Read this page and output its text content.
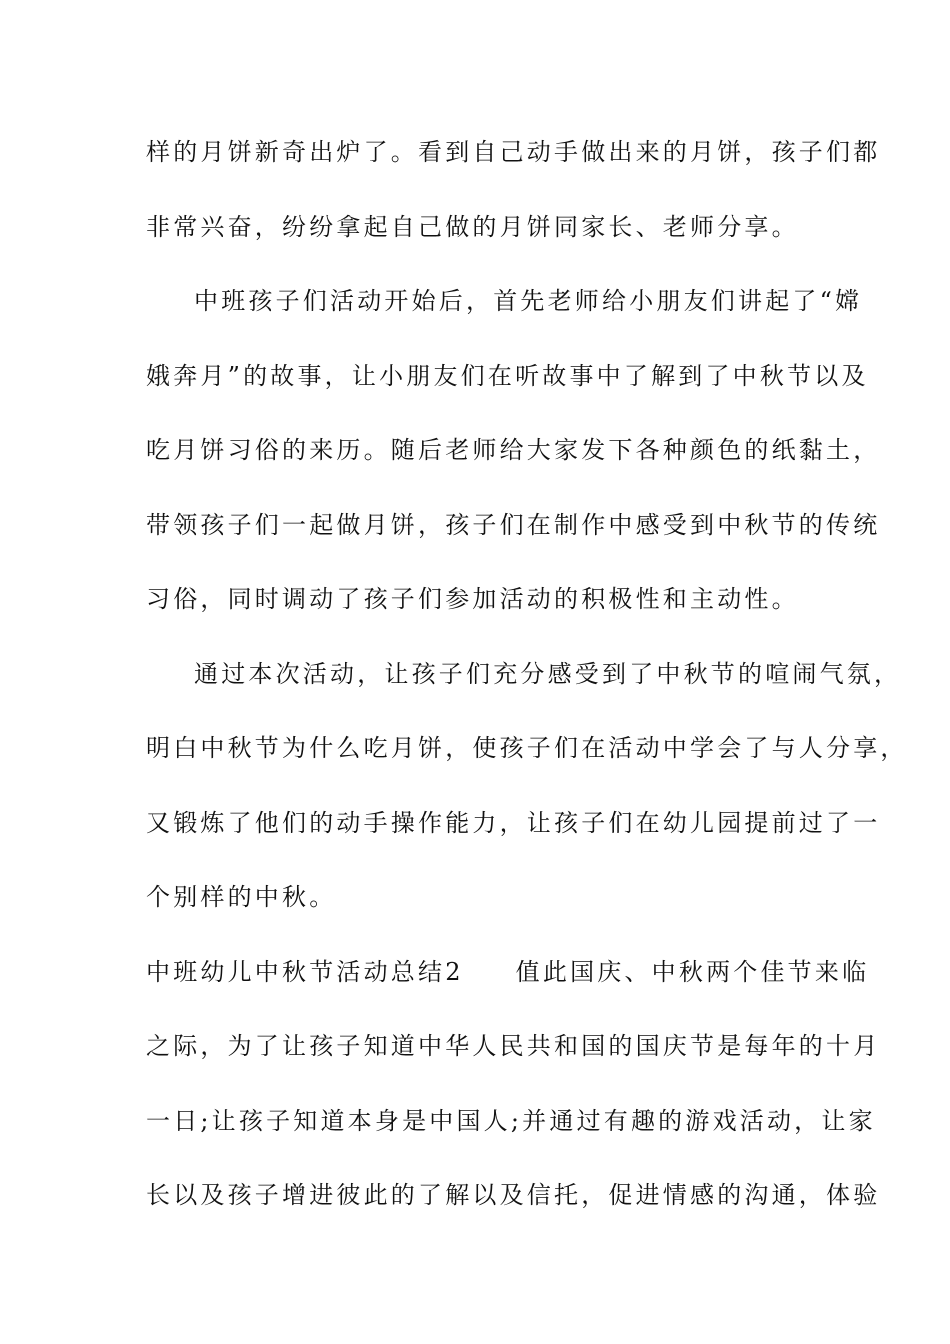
样的月饼新奇出炉了。看到自己动手做出来的月饼，孩子们都
非常兴奋，纷纷拿起自己做的月饼同家长、老师分享。
中班孩子们活动开始后，首先老师给小朋友们讲起了“嫦
娥奔月”的故事，让小朋友们在听故事中了解到了中秋节以及
吃月饼习俗的来历。随后老师给大家发下各种颜色的纸黏土，
带领孩子们一起做月饼，孩子们在制作中感受到中秋节的传统
习俗，同时调动了孩子们参加活动的积极性和主动性。
通过本次活动，让孩子们充分感受到了中秋节的喧闹气氛，
明白中秋节为什么吃月饼，使孩子们在活动中学会了与人分享，
又锻炼了他们的动手操作能力，让孩子们在幼儿园提前过了一
个别样的中秋。
中班幼儿中秋节活动总结2 值此国庆、中秋两个佳节来临
之际，为了让孩子知道中华人民共和国的国庆节是每年的十月
一日;让孩子知道本身是中国人;并通过有趣的游戏活动，让家
长以及孩子增进彼此的了解以及信托，促进情感的沟通，体验
